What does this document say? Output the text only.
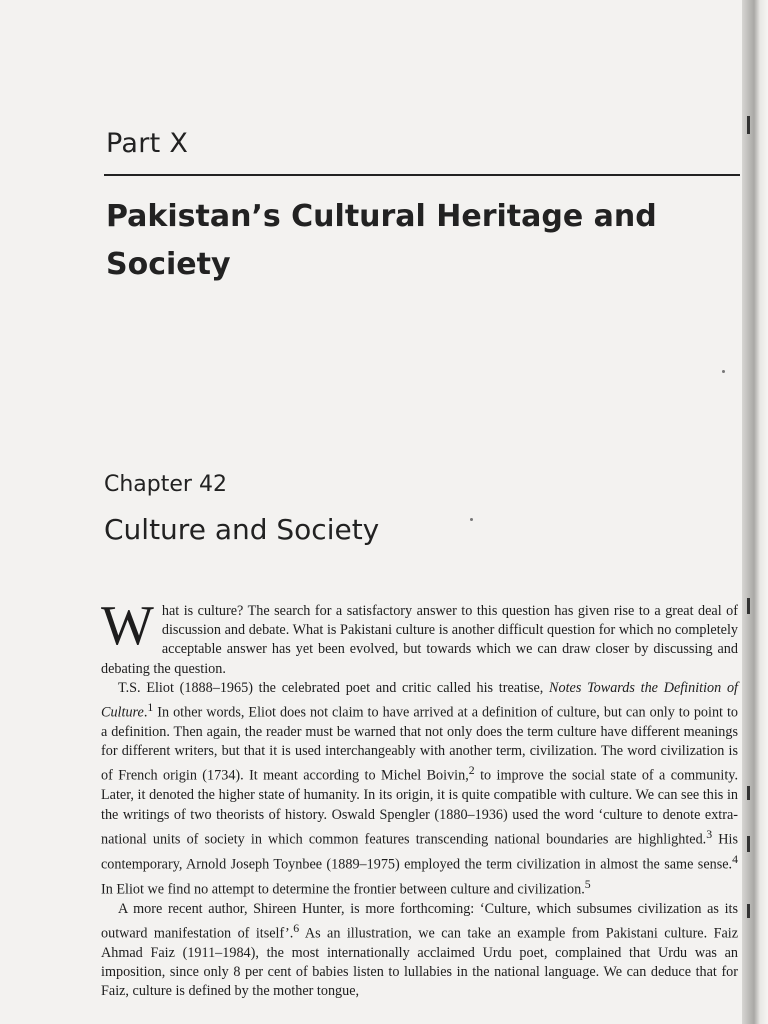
Part X
Pakistan’s Cultural Heritage and Society
Chapter 42
Culture and Society

What is culture? The search for a satisfactory answer to this question has given rise to a great deal of discussion and debate. What is Pakistani culture is another difficult question for which no completely acceptable answer has yet been evolved, but towards which we can draw closer by discussing and debating the question.

T.S. Eliot (1888–1965) the celebrated poet and critic called his treatise, Notes Towards the Definition of Culture.$^1$ In other words, Eliot does not claim to have arrived at a definition of culture, but can only to point to a definition. Then again, the reader must be warned that not only does the term culture have different meanings for different writers, but that it is used interchangeably with another term, civilization. The word civilization is of French origin (1734). It meant according to Michel Boivin,$^2$ to improve the social state of a community. Later, it denoted the higher state of humanity. In its origin, it is quite compatible with culture. We can see this in the writings of two theorists of history. Oswald Spengler (1880–1936) used the word ‘culture to denote extra-national units of society in which common features transcending national boundaries are highlighted.$^3$ His contemporary, Arnold Joseph Toynbee (1889–1975) employed the term civilization in almost the same sense.$^4$ In Eliot we find no attempt to determine the frontier between culture and civilization.$^5$

A more recent author, Shireen Hunter, is more forthcoming: ‘Culture, which subsumes civilization as its outward manifestation of itself’.$^6$ As an illustration, we can take an example from Pakistani culture. Faiz Ahmad Faiz (1911–1984), the most internationally acclaimed Urdu poet, complained that Urdu was an imposition, since only 8 per cent of babies listen to lullabies in the national language. We can deduce that for Faiz, culture is defined by the mother tongue,
